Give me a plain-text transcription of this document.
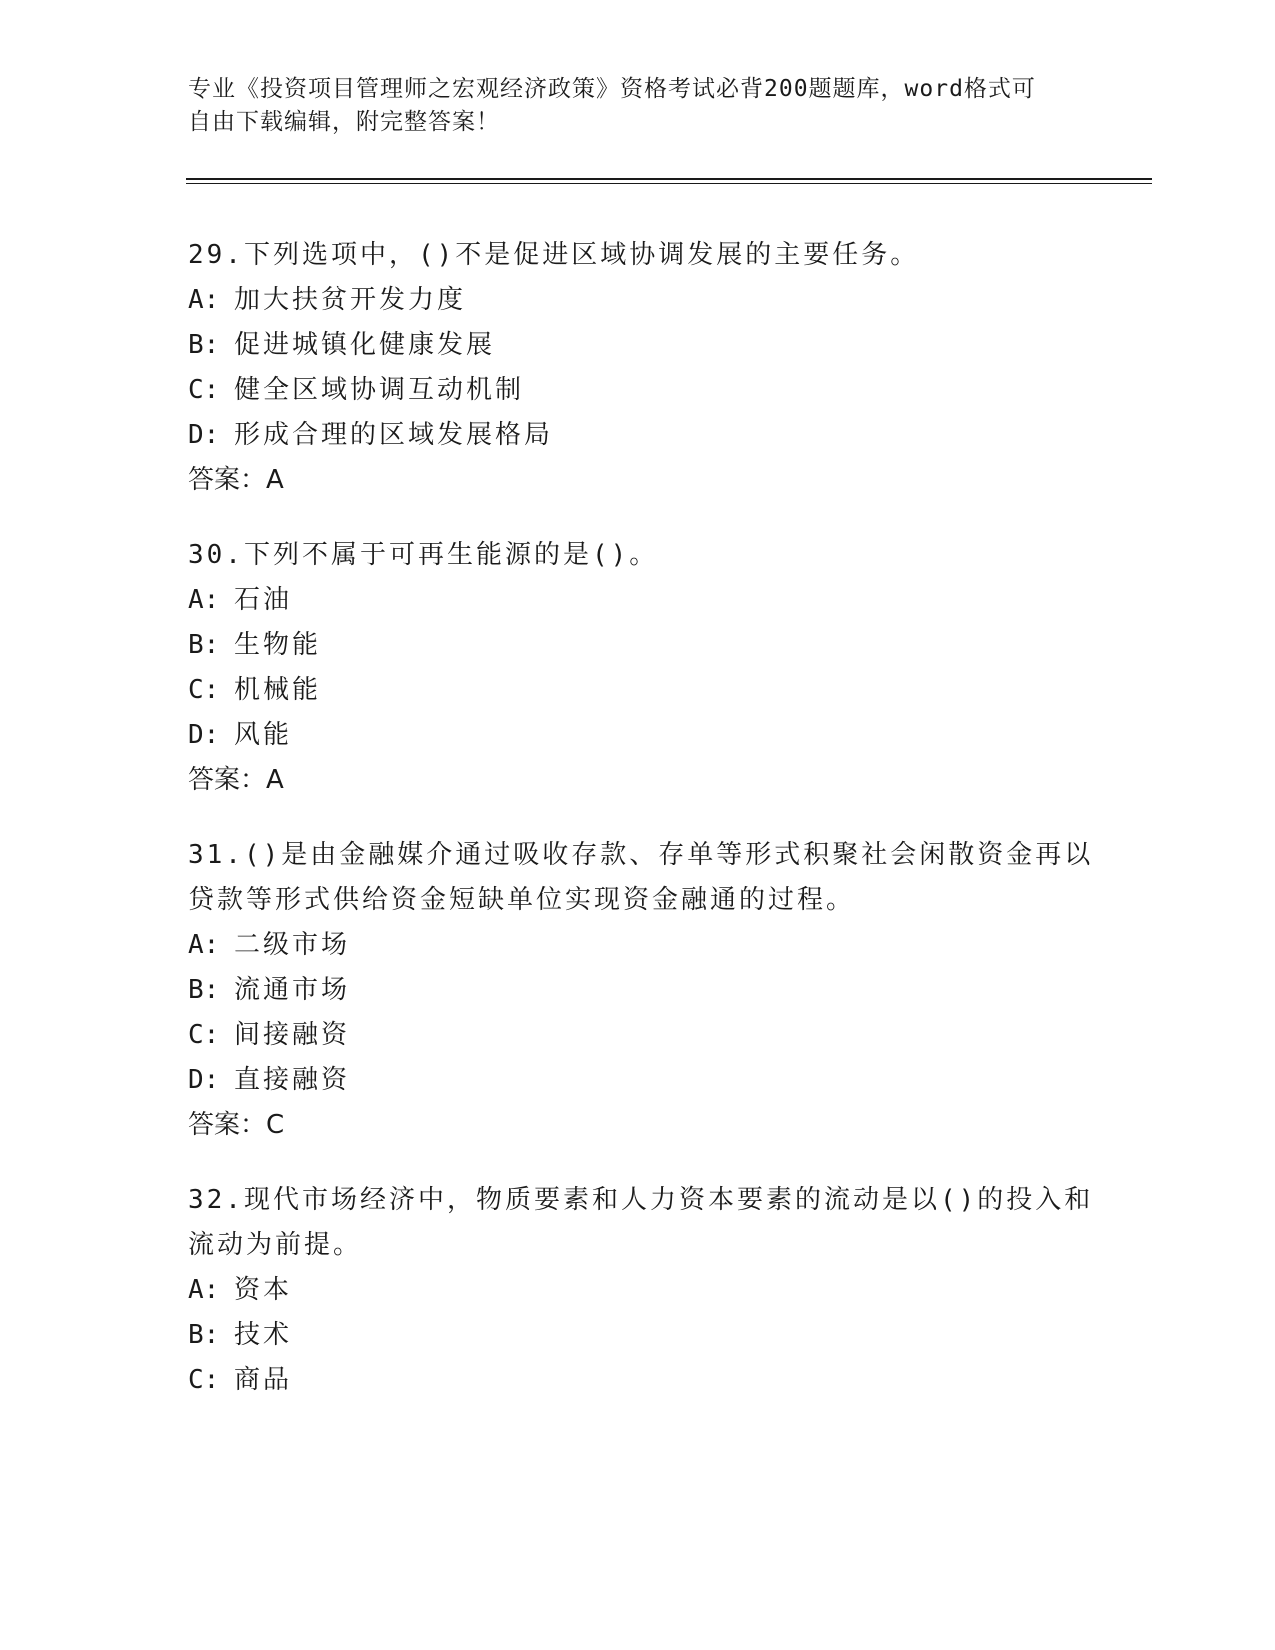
专业《投资项目管理师之宏观经济政策》资格考试必背200题题库，word格式可
自由下载编辑，附完整答案！
29.下列选项中，()不是促进区域协调发展的主要任务。
A: 加大扶贫开发力度
B: 促进城镇化健康发展
C: 健全区域协调互动机制
D: 形成合理的区域发展格局
答案：A
30.下列不属于可再生能源的是()。
A: 石油
B: 生物能
C: 机械能
D: 风能
答案：A
31.()是由金融媒介通过吸收存款、存单等形式积聚社会闲散资金再以
贷款等形式供给资金短缺单位实现资金融通的过程。
A: 二级市场
B: 流通市场
C: 间接融资
D: 直接融资
答案：C
32.现代市场经济中，物质要素和人力资本要素的流动是以()的投入和
流动为前提。
A: 资本
B: 技术
C: 商品
